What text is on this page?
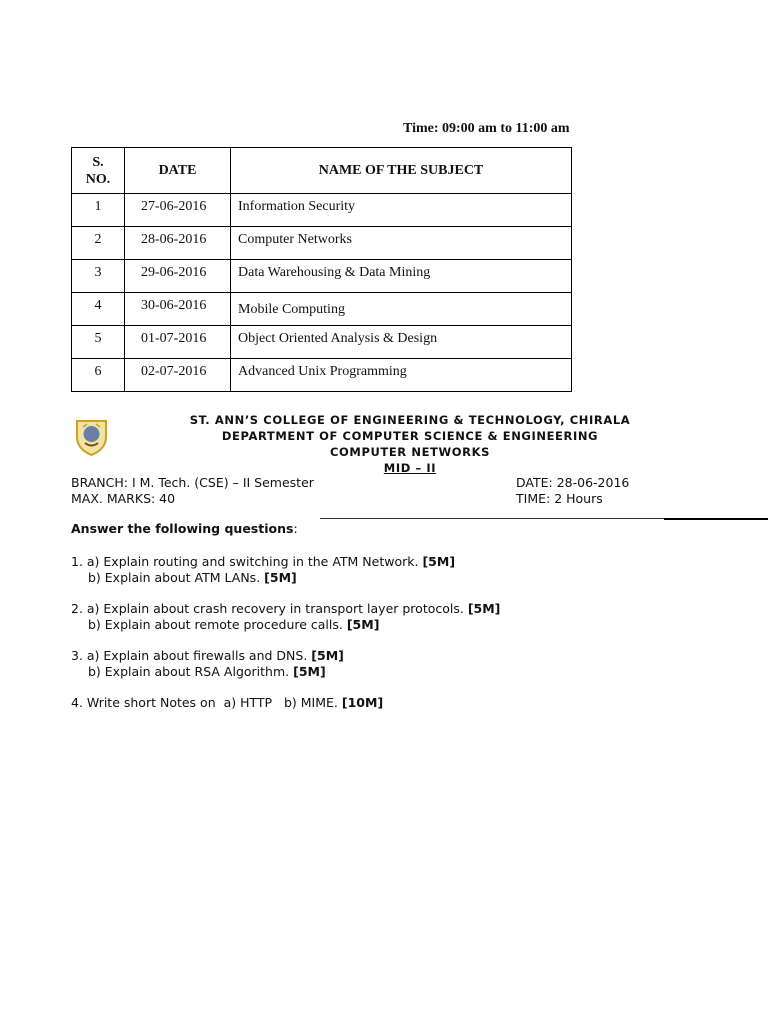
Time: 09:00 am to 11:00 am
S.
NO.	DATE	NAME OF THE SUBJECT
1	27-06-2016	Information Security
2	28-06-2016	Computer Networks
3	29-06-2016	Data Warehousing & Data Mining
4	30-06-2016	Mobile Computing
5	01-07-2016	Object Oriented Analysis & Design
6	02-07-2016	Advanced Unix Programming
ST. ANN’S COLLEGE OF ENGINEERING & TECHNOLOGY, CHIRALA
DEPARTMENT OF COMPUTER SCIENCE & ENGINEERING
COMPUTER NETWORKS
MID – II
BRANCH: I M. Tech. (CSE) – II Semester	DATE: 28-06-2016
MAX. MARKS: 40	TIME: 2 Hours
Answer the following questions:
1. a) Explain routing and switching in the ATM Network. [5M]
b) Explain about ATM LANs. [5M]
2. a) Explain about crash recovery in transport layer protocols. [5M]
b) Explain about remote procedure calls. [5M]
3. a) Explain about firewalls and DNS. [5M]
b) Explain about RSA Algorithm. [5M]
4. Write short Notes on  a) HTTP   b) MIME. [10M]
